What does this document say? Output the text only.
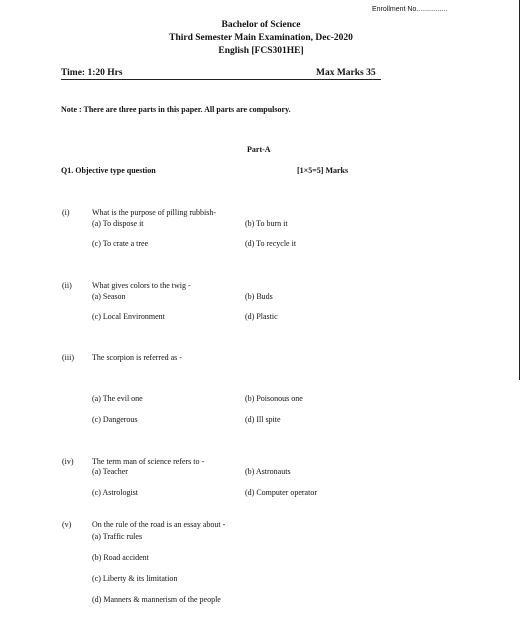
Enrollment No................
Bachelor of Science
Third Semester Main Examination, Dec-2020
English [FCS301HE]
Time: 1:20 Hrs	Max Marks 35
Note : There are three parts in this paper. All parts are compulsory.
Part-A
Q1. Objective type question	[1×5=5] Marks
(i)	What is the purpose of pilling rubbish-
(a) To dispose it	(b) To burn it
(c) To crate a tree	(d) To recycle it
(ii)	What gives colors to the twig -
(a) Season	(b) Buds
(c) Local Environment	(d) Plastic
(iii) The scorpion is referred as -
(a) The evil one	(b) Poisonous one
(c) Dangerous	(d) Ill spite
(iv) The term man of science refers to -
(a) Teacher	(b) Astronauts
(c) Astrologist	(d) Computer operator
(v)	On the rule of the road is an essay about -
(a) Traffic rules
(b) Road accident
(c) Liberty & its limitation
(d) Manners & mannerism of the people
